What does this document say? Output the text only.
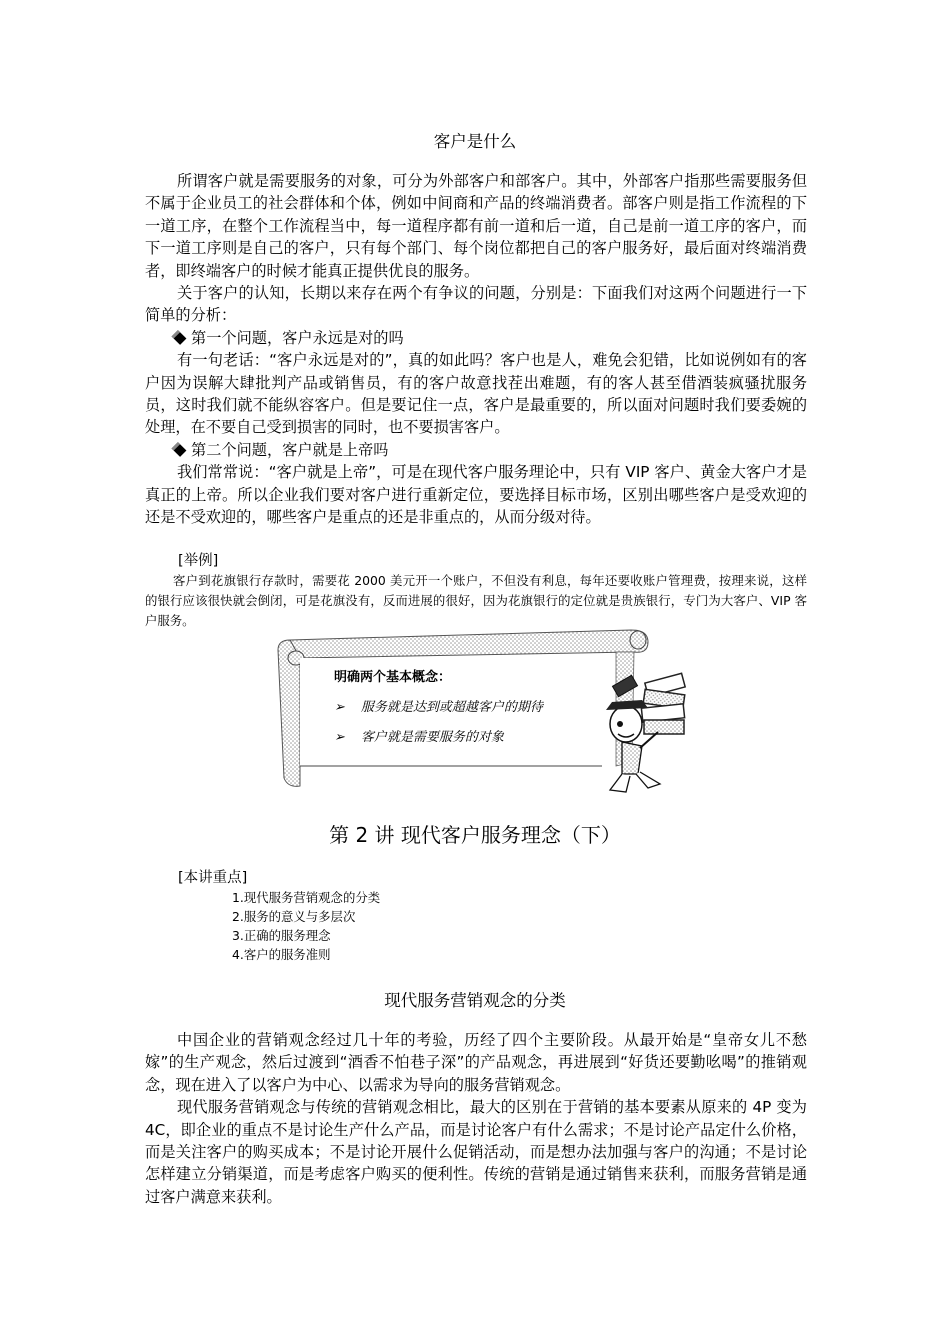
客户是什么

所谓客户就是需要服务的对象，可分为外部客户和部客户。其中，外部客户指那些需要服务但不属于企业员工的社会群体和个体，例如中间商和产品的终端消费者。部客户则是指工作流程的下一道工序，在整个工作流程当中，每一道程序都有前一道和后一道，自己是前一道工序的客户，而下一道工序则是自己的客户，只有每个部门、每个岗位都把自己的客户服务好，最后面对终端消费者，即终端客户的时候才能真正提供优良的服务。

关于客户的认知，长期以来存在两个有争议的问题，分别是：下面我们对这两个问题进行一下简单的分析：

第一个问题，客户永远是对的吗

有一句老话：“客户永远是对的”，真的如此吗？客户也是人，难免会犯错，比如说例如有的客户因为误解大肆批判产品或销售员，有的客户故意找茬出难题，有的客人甚至借酒装疯骚扰服务员，这时我们就不能纵容客户。但是要记住一点，客户是最重要的，所以面对问题时我们要委婉的处理，在不要自己受到损害的同时，也不要损害客户。

第二个问题，客户就是上帝吗

我们常常说：“客户就是上帝”，可是在现代客户服务理论中，只有 VIP 客户、黄金大客户才是真正的上帝。所以企业我们要对客户进行重新定位，要选择目标市场，区别出哪些客户是受欢迎的还是不受欢迎的，哪些客户是重点的还是非重点的，从而分级对待。

[举例]

客户到花旗银行存款时，需要花 2000 美元开一个账户，不但没有利息，每年还要收账户管理费，按理来说，这样的银行应该很快就会倒闭，可是花旗没有，反而进展的很好，因为花旗银行的定位就是贵族银行，专门为大客户、VIP 客户服务。

明确两个基本概念：
➢ 服务就是达到或超越客户的期待
➢ 客户就是需要服务的对象
第 2 讲 现代客户服务理念（下）
[本讲重点]
1.现代服务营销观念的分类
2.服务的意义与多层次
3.正确的服务理念
4.客户的服务准则
现代服务营销观念的分类

中国企业的营销观念经过几十年的考验，历经了四个主要阶段。从最开始是“皇帝女儿不愁嫁”的生产观念，然后过渡到“酒香不怕巷子深”的产品观念，再进展到“好货还要勤吆喝”的推销观念，现在进入了以客户为中心、以需求为导向的服务营销观念。

现代服务营销观念与传统的营销观念相比，最大的区别在于营销的基本要素从原来的 4P 变为 4C，即企业的重点不是讨论生产什么产品，而是讨论客户有什么需求；不是讨论产品定什么价格，而是关注客户的购买成本；不是讨论开展什么促销活动，而是想办法加强与客户的沟通；不是讨论怎样建立分销渠道，而是考虑客户购买的便利性。传统的营销是通过销售来获利，而服务营销是通过客户满意来获利。
